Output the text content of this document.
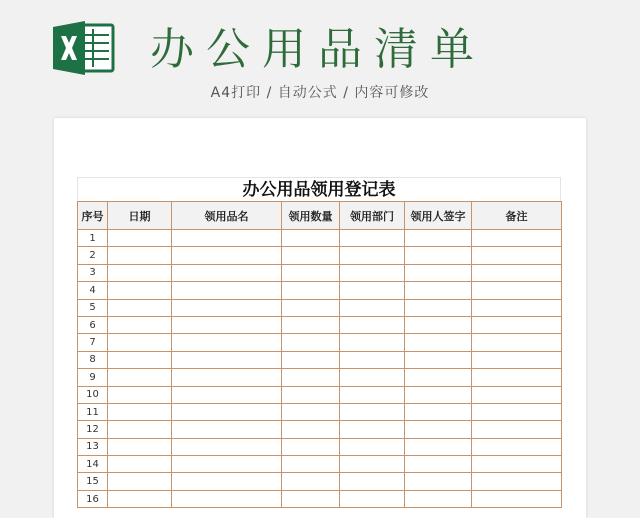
办公用品清单
A4打印 / 自动公式 / 内容可修改
办公用品领用登记表
序号	日期	领用品名	领用数量	领用部门	领用人签字	备注
1						
2						
3						
4						
5						
6						
7						
8						
9						
10						
11						
12						
13						
14						
15						
16						
